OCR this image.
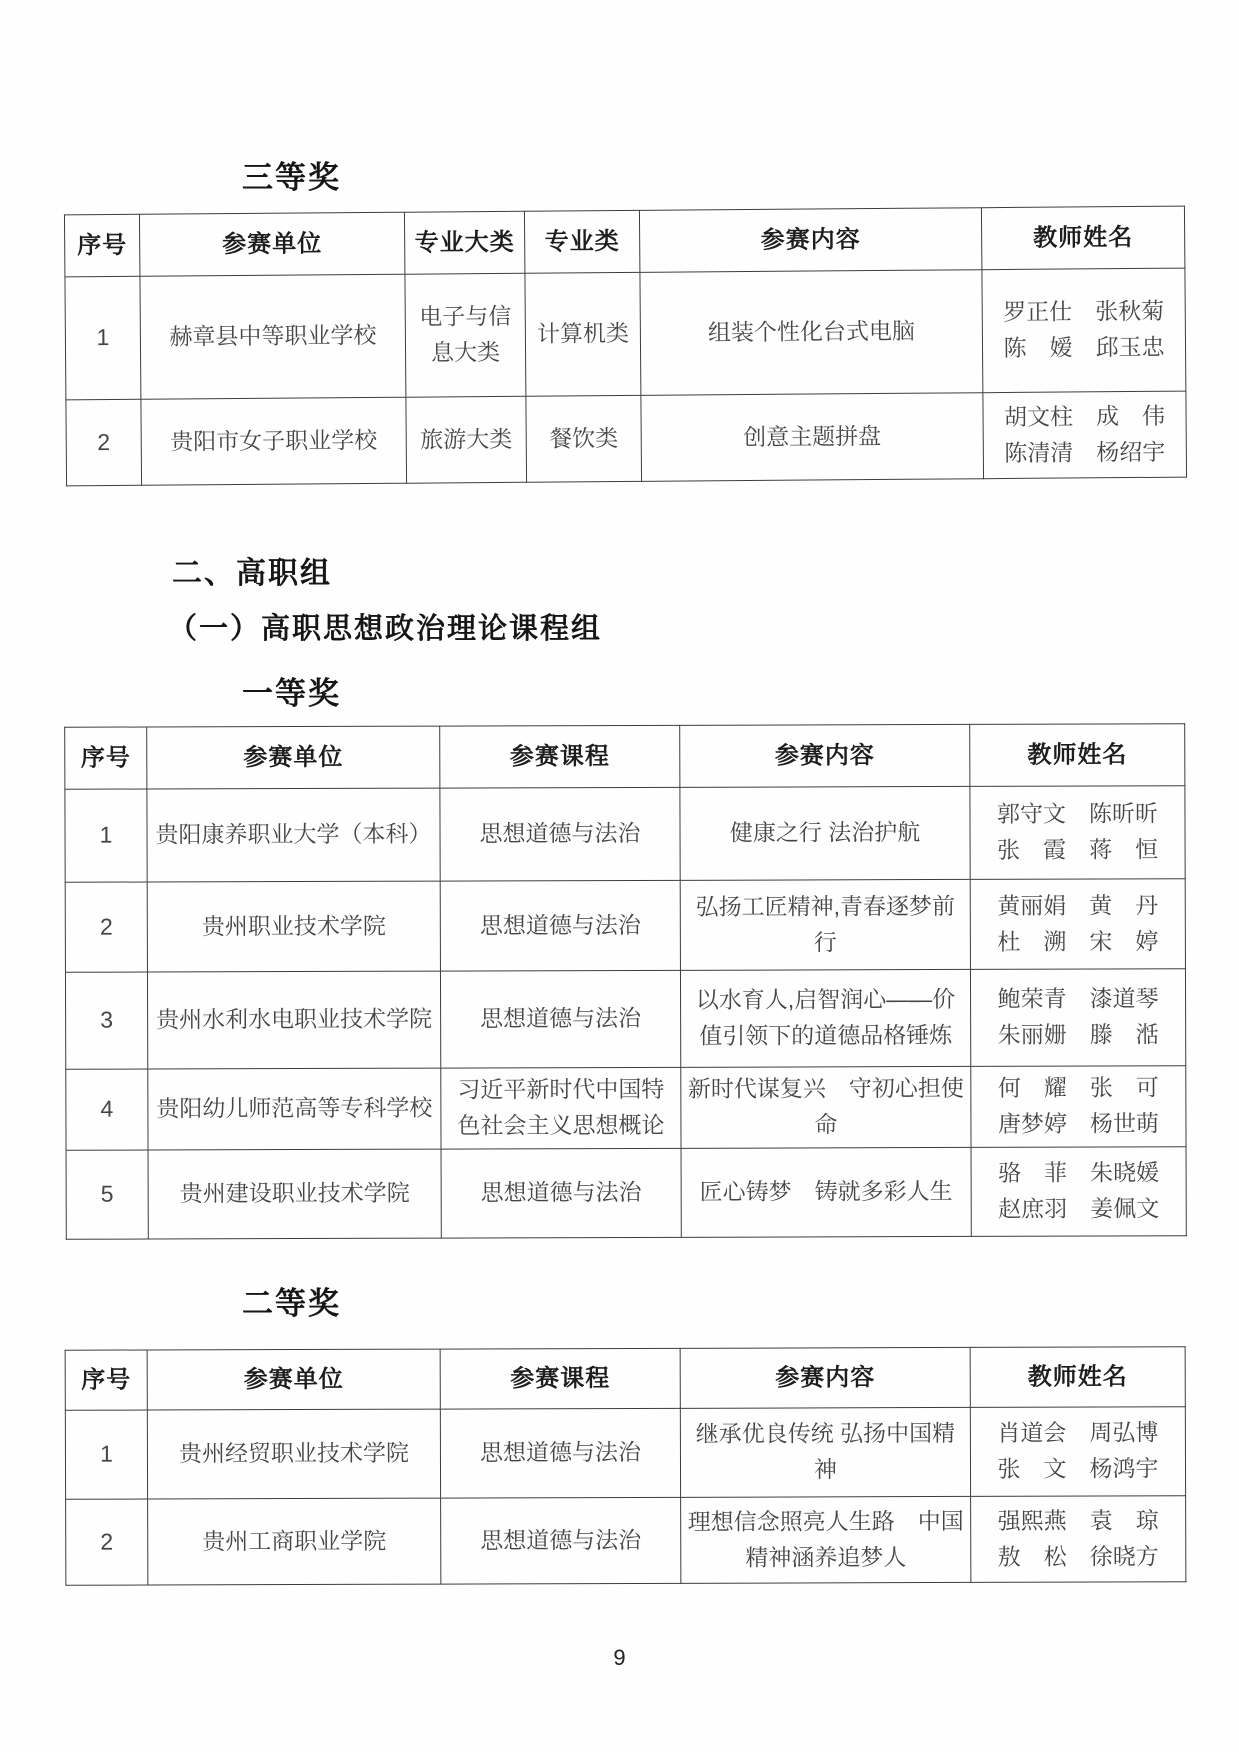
三等奖
二、高职组
（一）高职思想政治理论课程组
一等奖
二等奖
序号	参赛单位	专业大类	专业类	参赛内容	教师姓名
1	赫章县中等职业学校	电子与信息大类	计算机类	组装个性化台式电脑	罗正仕　张秋菊
陈　嫒　邱玉忠

2	贵阳市女子职业学校	旅游大类	餐饮类	创意主题拼盘	胡文柱　成　伟
陈清清　杨绍宇
序号	参赛单位	参赛课程	参赛内容	教师姓名
1	贵阳康养职业大学（本科）	思想道德与法治	健康之行 法治护航	郭守文　陈昕昕
张　霞　蒋　恒

2	贵州职业技术学院	思想道德与法治	弘扬工匠精神,青春逐梦前行	黄丽娟　黄　丹
杜　溯　宋　婷

3	贵州水利水电职业技术学院	思想道德与法治	以水育人,启智润心——价值引领下的道德品格锤炼	鲍荣青　漆道琴
朱丽姗　滕　湉

4	贵阳幼儿师范高等专科学校	习近平新时代中国特色社会主义思想概论	新时代谋复兴　守初心担使命	何　耀　张　可
唐梦婷　杨世萌

5	贵州建设职业技术学院	思想道德与法治	匠心铸梦　铸就多彩人生	骆　菲　朱晓媛
赵庶羽　姜佩文
序号	参赛单位	参赛课程	参赛内容	教师姓名
1	贵州经贸职业技术学院	思想道德与法治	继承优良传统 弘扬中国精神	肖道会　周弘博
张　文　杨鸿宇

2	贵州工商职业学院	思想道德与法治	理想信念照亮人生路　中国精神涵养追梦人	强熙燕　袁　琼
敖　松　徐晓方
9
